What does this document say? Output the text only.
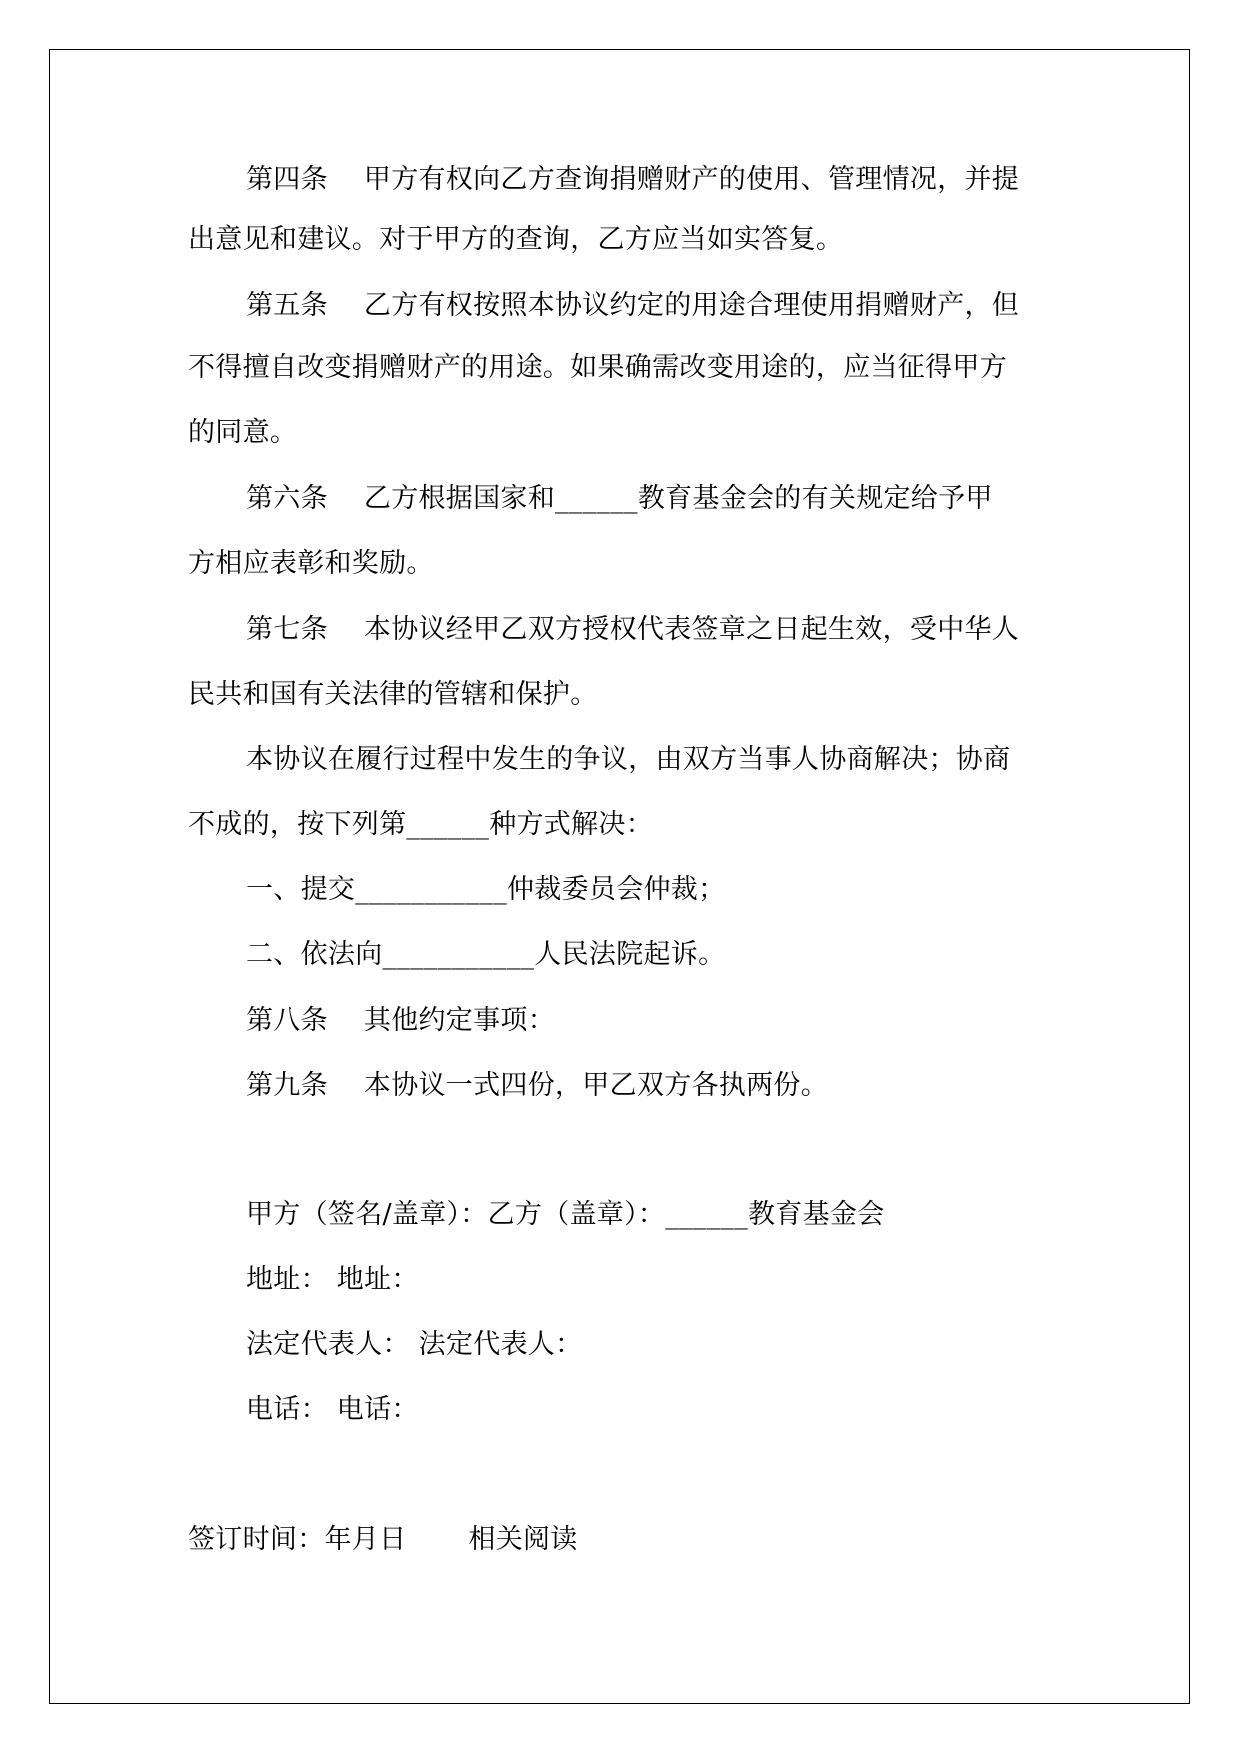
第四条 甲方有权向乙方查询捐赠财产的使用、管理情况，并提
出意见和建议。对于甲方的查询，乙方应当如实答复。
第五条 乙方有权按照本协议约定的用途合理使用捐赠财产，但
不得擅自改变捐赠财产的用途。如果确需改变用途的，应当征得甲方
的同意。
第六条 乙方根据国家和______教育基金会的有关规定给予甲
方相应表彰和奖励。
第七条 本协议经甲乙双方授权代表签章之日起生效，受中华人
民共和国有关法律的管辖和保护。
本协议在履行过程中发生的争议，由双方当事人协商解决；协商
不成的，按下列第______种方式解决：
一、提交___________仲裁委员会仲裁；
二、依法向___________人民法院起诉。
第八条 其他约定事项：
第九条 本协议一式四份，甲乙双方各执两份。
甲方（签名/盖章）：乙方（盖章）：______教育基金会
地址： 地址：
法定代表人： 法定代表人：
电话： 电话：
签订时间：年月日 相关阅读
